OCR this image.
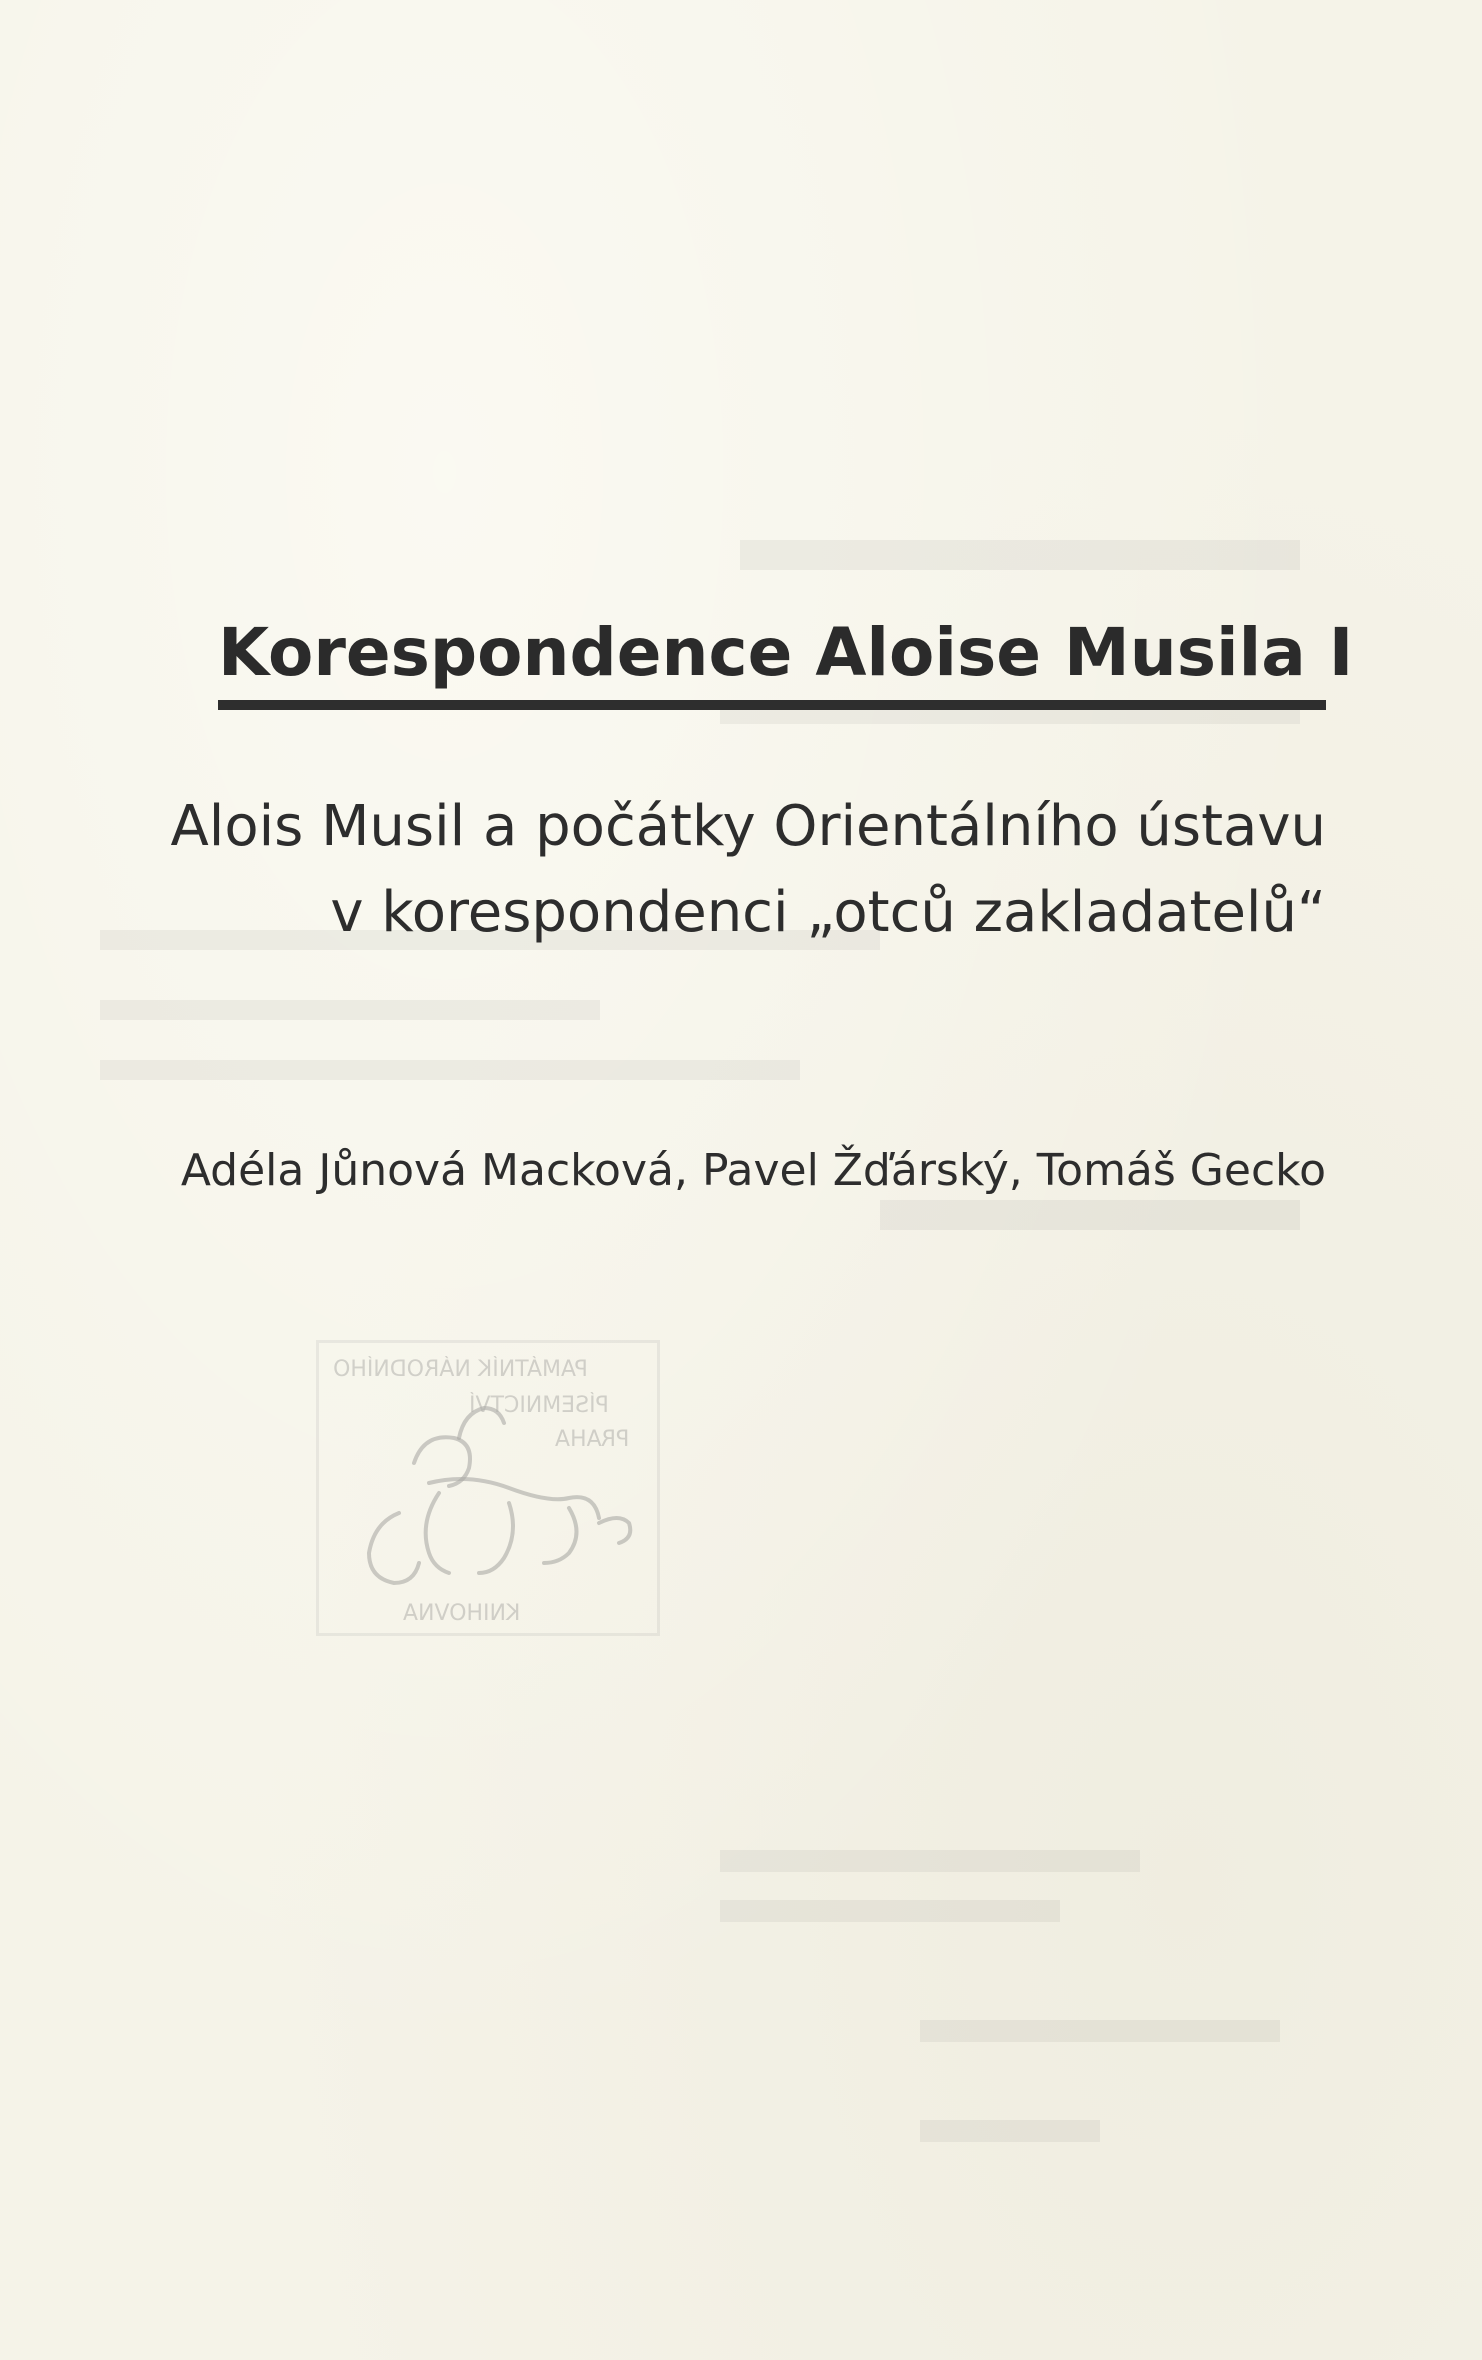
Korespondence Aloise Musila I
Alois Musil a počátky Orientálního ústavu
v korespondenci „otců zakladatelů“

Adéla Jůnová Macková, Pavel Žďárský, Tomáš Gecko

PAMÁTNÍK NÁRODNÍHO
PÍSEMNICTVÍ
PRAHA
KNIHOVNA
